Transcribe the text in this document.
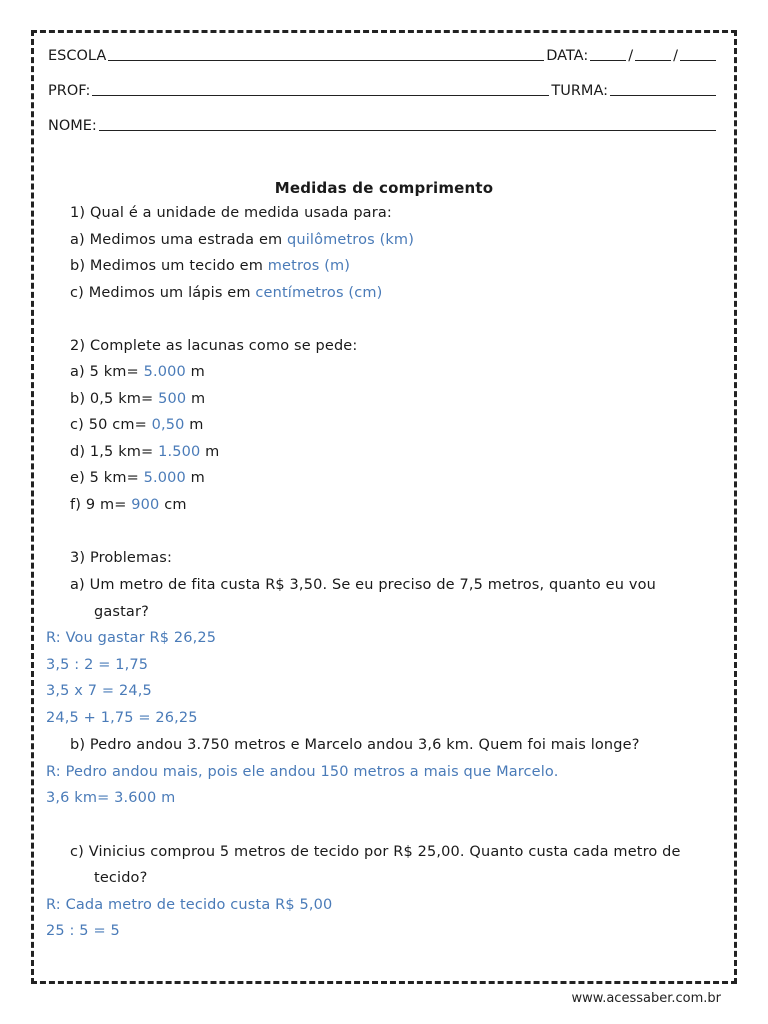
ESCOLA	DATA:	/	/
PROF:	TURMA:
NOME:
Medidas de comprimento
1) Qual é a unidade de medida usada para:
a) Medimos uma estrada em quilômetros (km)
b) Medimos um tecido em metros (m)
c) Medimos um lápis em centímetros (cm)
2) Complete as lacunas como se pede:
a) 5 km= 5.000 m
b) 0,5 km= 500 m
c) 50 cm= 0,50 m
d) 1,5 km= 1.500 m
e) 5 km= 5.000 m
f) 9 m= 900 cm
3) Problemas:
a) Um metro de fita custa R$ 3,50. Se eu preciso de 7,5 metros, quanto eu vou
gastar?
R: Vou gastar R$ 26,25
3,5 : 2 = 1,75
3,5 x 7 = 24,5
24,5 + 1,75 = 26,25
b) Pedro andou 3.750 metros e Marcelo andou 3,6 km. Quem foi mais longe?
R: Pedro andou mais, pois ele andou 150 metros a mais que Marcelo.
3,6 km= 3.600 m
c) Vinicius comprou 5 metros de tecido por R$ 25,00. Quanto custa cada metro de
tecido?
R: Cada metro de tecido custa R$ 5,00
25 : 5 = 5
www.acessaber.com.br
